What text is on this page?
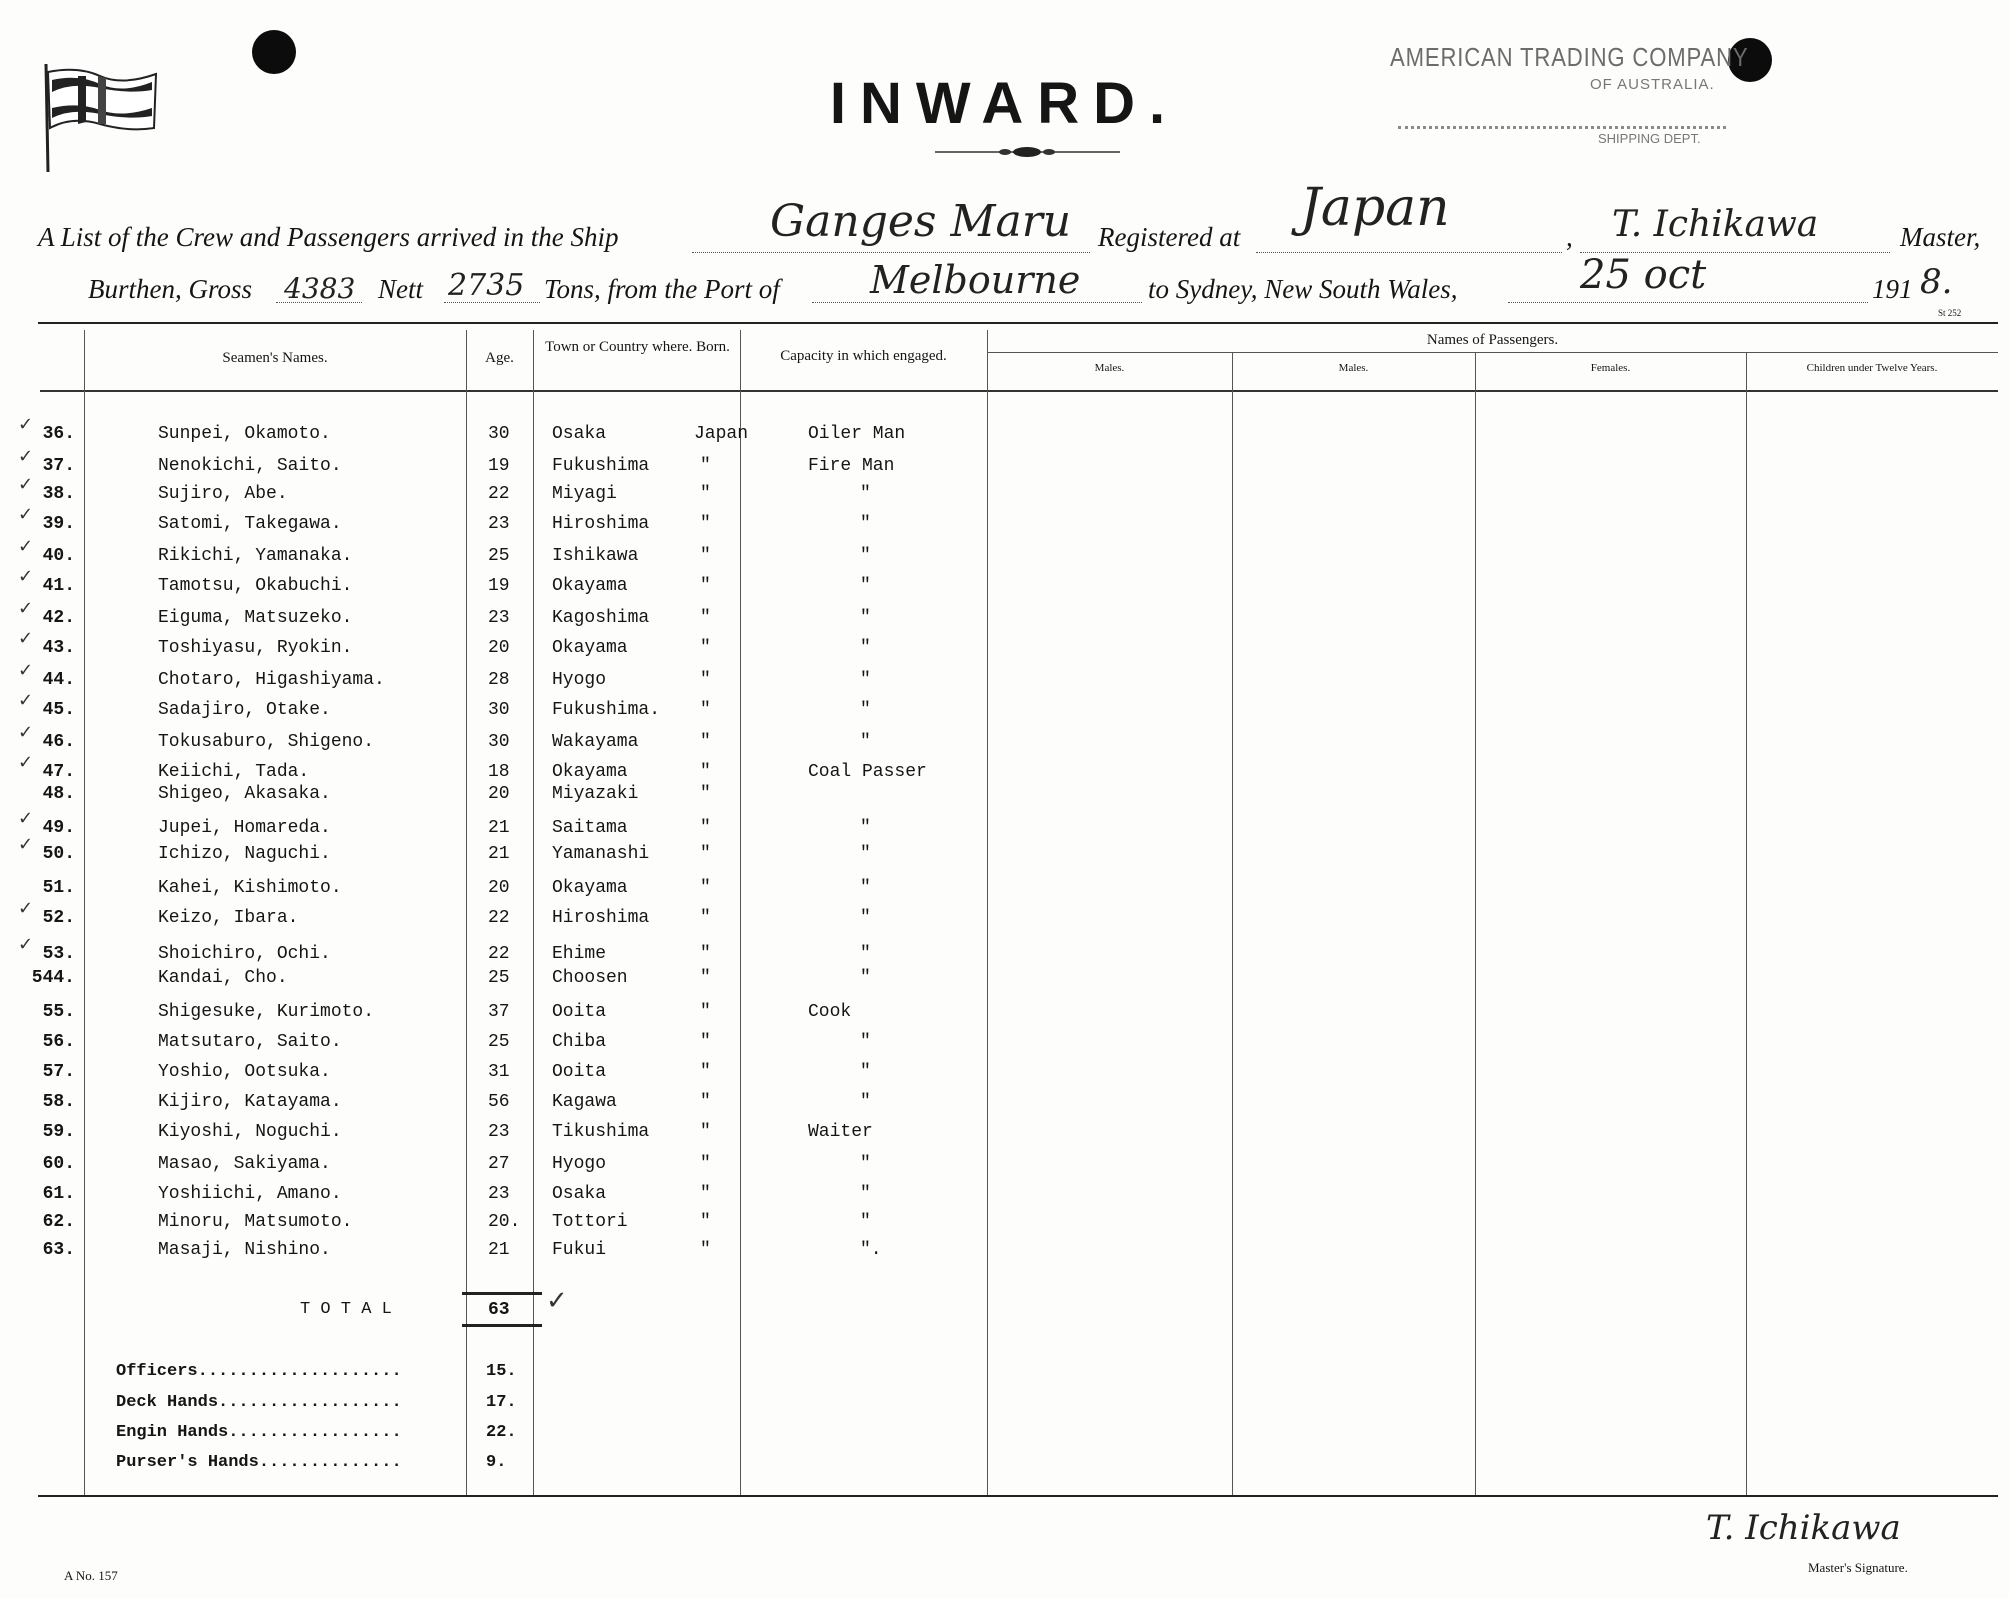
INWARD.
AMERICAN TRADING COMPANY
OF AUSTRALIA.
SHIPPING DEPT.
A List of the Crew and Passengers arrived in the Ship	Ganges Maru Registered at Japan	, T. Ichikawa	Master,
Burthen, Gross 4383 Nett 2735 Tons, from the Port of Melbourne	to Sydney, New South Wales,	25 oct	191 8.
St 252
Seamen's Names.	Age.
Town or Country where. Born.
Capacity in which engaged.
Names of Passengers.
Males.	Males.	Females.	Children under Twelve Years.
✓ 36.	Sunpei, Okamoto.	30 Osaka	Japan	Oiler Man
✓ 37.	Nenokichi, Saito.	19 Fukushima	"	Fire Man
✓ 38.	Sujiro, Abe.	22 Miyagi	"	"
✓ 39.	Satomi, Takegawa.	23 Hiroshima	"	"
✓ 40.	Rikichi, Yamanaka.	25 Ishikawa	"	"
✓ 41.	Tamotsu, Okabuchi.	19 Okayama	"	"
✓ 42.	Eiguma, Matsuzeko.	23 Kagoshima	"	"
✓ 43.	Toshiyasu, Ryokin.	20 Okayama	"	"
✓ 44.	Chotaro, Higashiyama.	28 Hyogo	"	"
✓ 45.	Sadajiro, Otake.	30 Fukushima. "	"
✓ 46.	Tokusaburo, Shigeno.	30 Wakayama	"	"
✓ 47.	Keiichi, Tada.	18 Okayama	"	Coal Passer
48.	Shigeo, Akasaka.	20 Miyazaki	"
✓ 49.	Jupei, Homareda.	21 Saitama	"	"
✓ 50.	Ichizo, Naguchi.	21 Yamanashi	"	"
51.	Kahei, Kishimoto.	20 Okayama	"	"
✓ 52.	Keizo, Ibara.	22 Hiroshima	"	"
✓ 53.	Shoichiro, Ochi.	22 Ehime	"	"
544.	Kandai, Cho.	25 Choosen	"	"
55.	Shigesuke, Kurimoto.	37 Ooita	"	Cook
56.	Matsutaro, Saito.	25 Chiba	"	"
57.	Yoshio, Ootsuka.	31 Ooita	"	"
58.	Kijiro, Katayama.	56 Kagawa	"	"
59.	Kiyoshi, Noguchi.	23 Tikushima	"	Waiter
60.	Masao, Sakiyama.	27 Hyogo	"	"
61.	Yoshiichi, Amano.	23 Osaka	"	"
62.	Minoru, Matsumoto.	20. Tottori	"	"
63.	Masaji, Nishino.	21 Fukui	"	".
T O T A L	63 ✓
Officers....................	15.
Deck Hands..................	17.
Engin Hands.................	22.
Purser's Hands..............	9.
A No. 157
T. Ichikawa
Master's Signature.
